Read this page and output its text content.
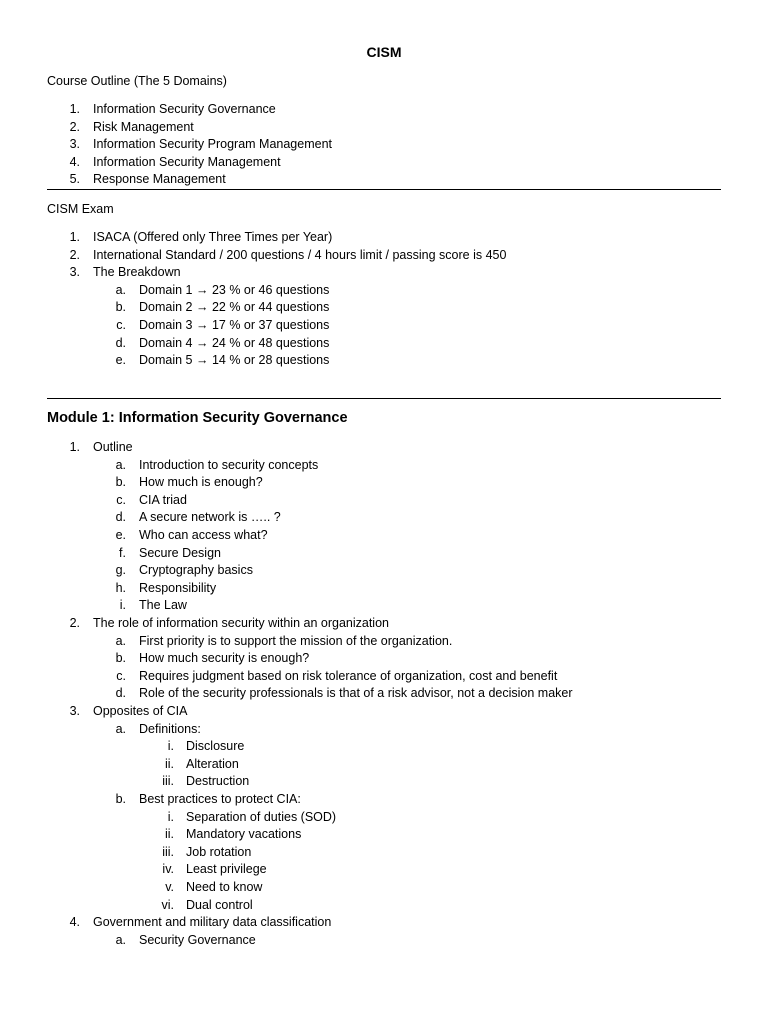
CISM
Course Outline (The 5 Domains)
CISM Exam
Module 1: Information Security Governance
1. Information Security Governance
2. Risk Management
3. Information Security Program Management
4. Information Security Management
5. Response Management
1. ISACA (Offered only Three Times per Year)
2. International Standard / 200 questions / 4 hours limit / passing score is 450
3. The Breakdown
a. Domain 1 → 23 % or 46 questions
b. Domain 2 → 22 % or 44 questions
c. Domain 3 → 17 % or 37 questions
d. Domain 4 → 24 % or 48 questions
e. Domain 5 → 14 % or 28 questions
1. Outline
a. Introduction to security concepts
b. How much is enough?
c. CIA triad
d. A secure network is ….. ?
e. Who can access what?
f. Secure Design
g. Cryptography basics
h. Responsibility
i. The Law
2. The role of information security within an organization
a. First priority is to support the mission of the organization.
b. How much security is enough?
c. Requires judgment based on risk tolerance of organization, cost and benefit
d. Role of the security professionals is that of a risk advisor, not a decision maker
3. Opposites of CIA
a. Definitions:
i. Disclosure
ii. Alteration
iii. Destruction
b. Best practices to protect CIA:
i. Separation of duties (SOD)
ii. Mandatory vacations
iii. Job rotation
iv. Least privilege
v. Need to know
vi. Dual control
4. Government and military data classification
a. Security Governance
